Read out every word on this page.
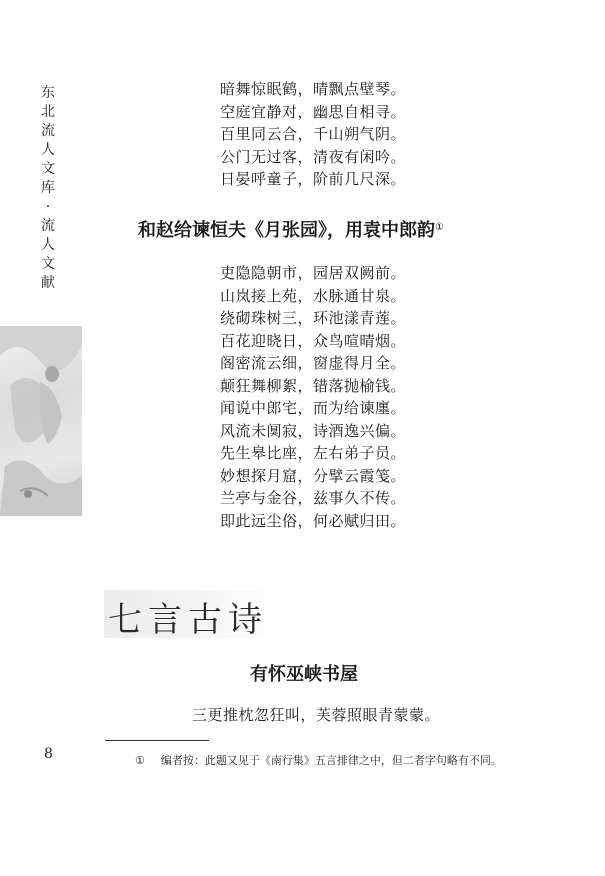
东北流人文库·流人文献
暗舞惊眠鹤，晴飘点壁琴。
空庭宜静对，幽思自相寻。
百里同云合，千山朔气阴。
公门无过客，清夜有闲吟。
日晏呼童子，阶前几尺深。
和赵给谏恒夫《月张园》，用袁中郎韵①
吏隐隐朝市，园居双阙前。
山岚接上苑，水脉通甘泉。
绕砌珠树三，环池漾青莲。
百花迎晓日，众鸟喧晴烟。
阁密流云细，窗虚得月全。
颠狂舞柳絮，错落抛榆钱。
闻说中郎宅，而为给谏廛。
风流未阒寂，诗酒逸兴偏。
先生皋比座，左右弟子员。
妙想探月窟，分擘云霞笺。
兰亭与金谷，兹事久不传。
即此远尘俗，何必赋归田。
七言古诗
有怀巫峡书屋
三更推枕忽狂叫，芙蓉照眼青蒙蒙。
8	① 编者按：此题又见于《南行集》五言排律之中，但二者字句略有不同。
